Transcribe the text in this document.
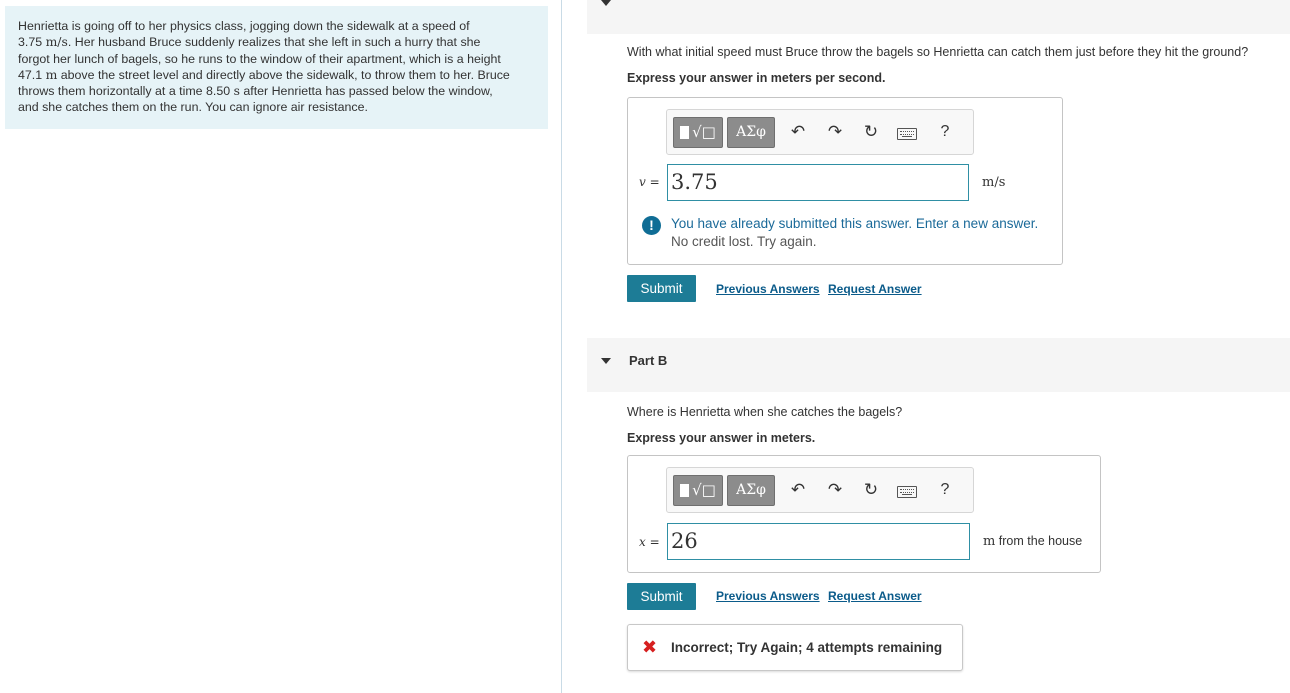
Henrietta is going off to her physics class, jogging down the sidewalk at a speed of
3.75 m/s. Her husband Bruce suddenly realizes that she left in such a hurry that she
forgot her lunch of bagels, so he runs to the window of their apartment, which is a height
47.1 m above the street level and directly above the sidewalk, to throw them to her. Bruce
throws them horizontally at a time 8.50 s after Henrietta has passed below the window,
and she catches them on the run. You can ignore air resistance.
With what initial speed must Bruce throw the bagels so Henrietta can catch them just before they hit the ground?
Express your answer in meters per second.
√□	ΑΣφ	↶ ↷ ↻	?
v = 3.75	m/s
!	You have already submitted this answer. Enter a new answer.
No credit lost. Try again.
Submit	Previous Answers Request Answer
Part B
Where is Henrietta when she catches the bagels?
Express your answer in meters.
√□	ΑΣφ	↶ ↷ ↻	?
x = 26	m from the house
Submit	Previous Answers Request Answer
✖ Incorrect; Try Again; 4 attempts remaining
